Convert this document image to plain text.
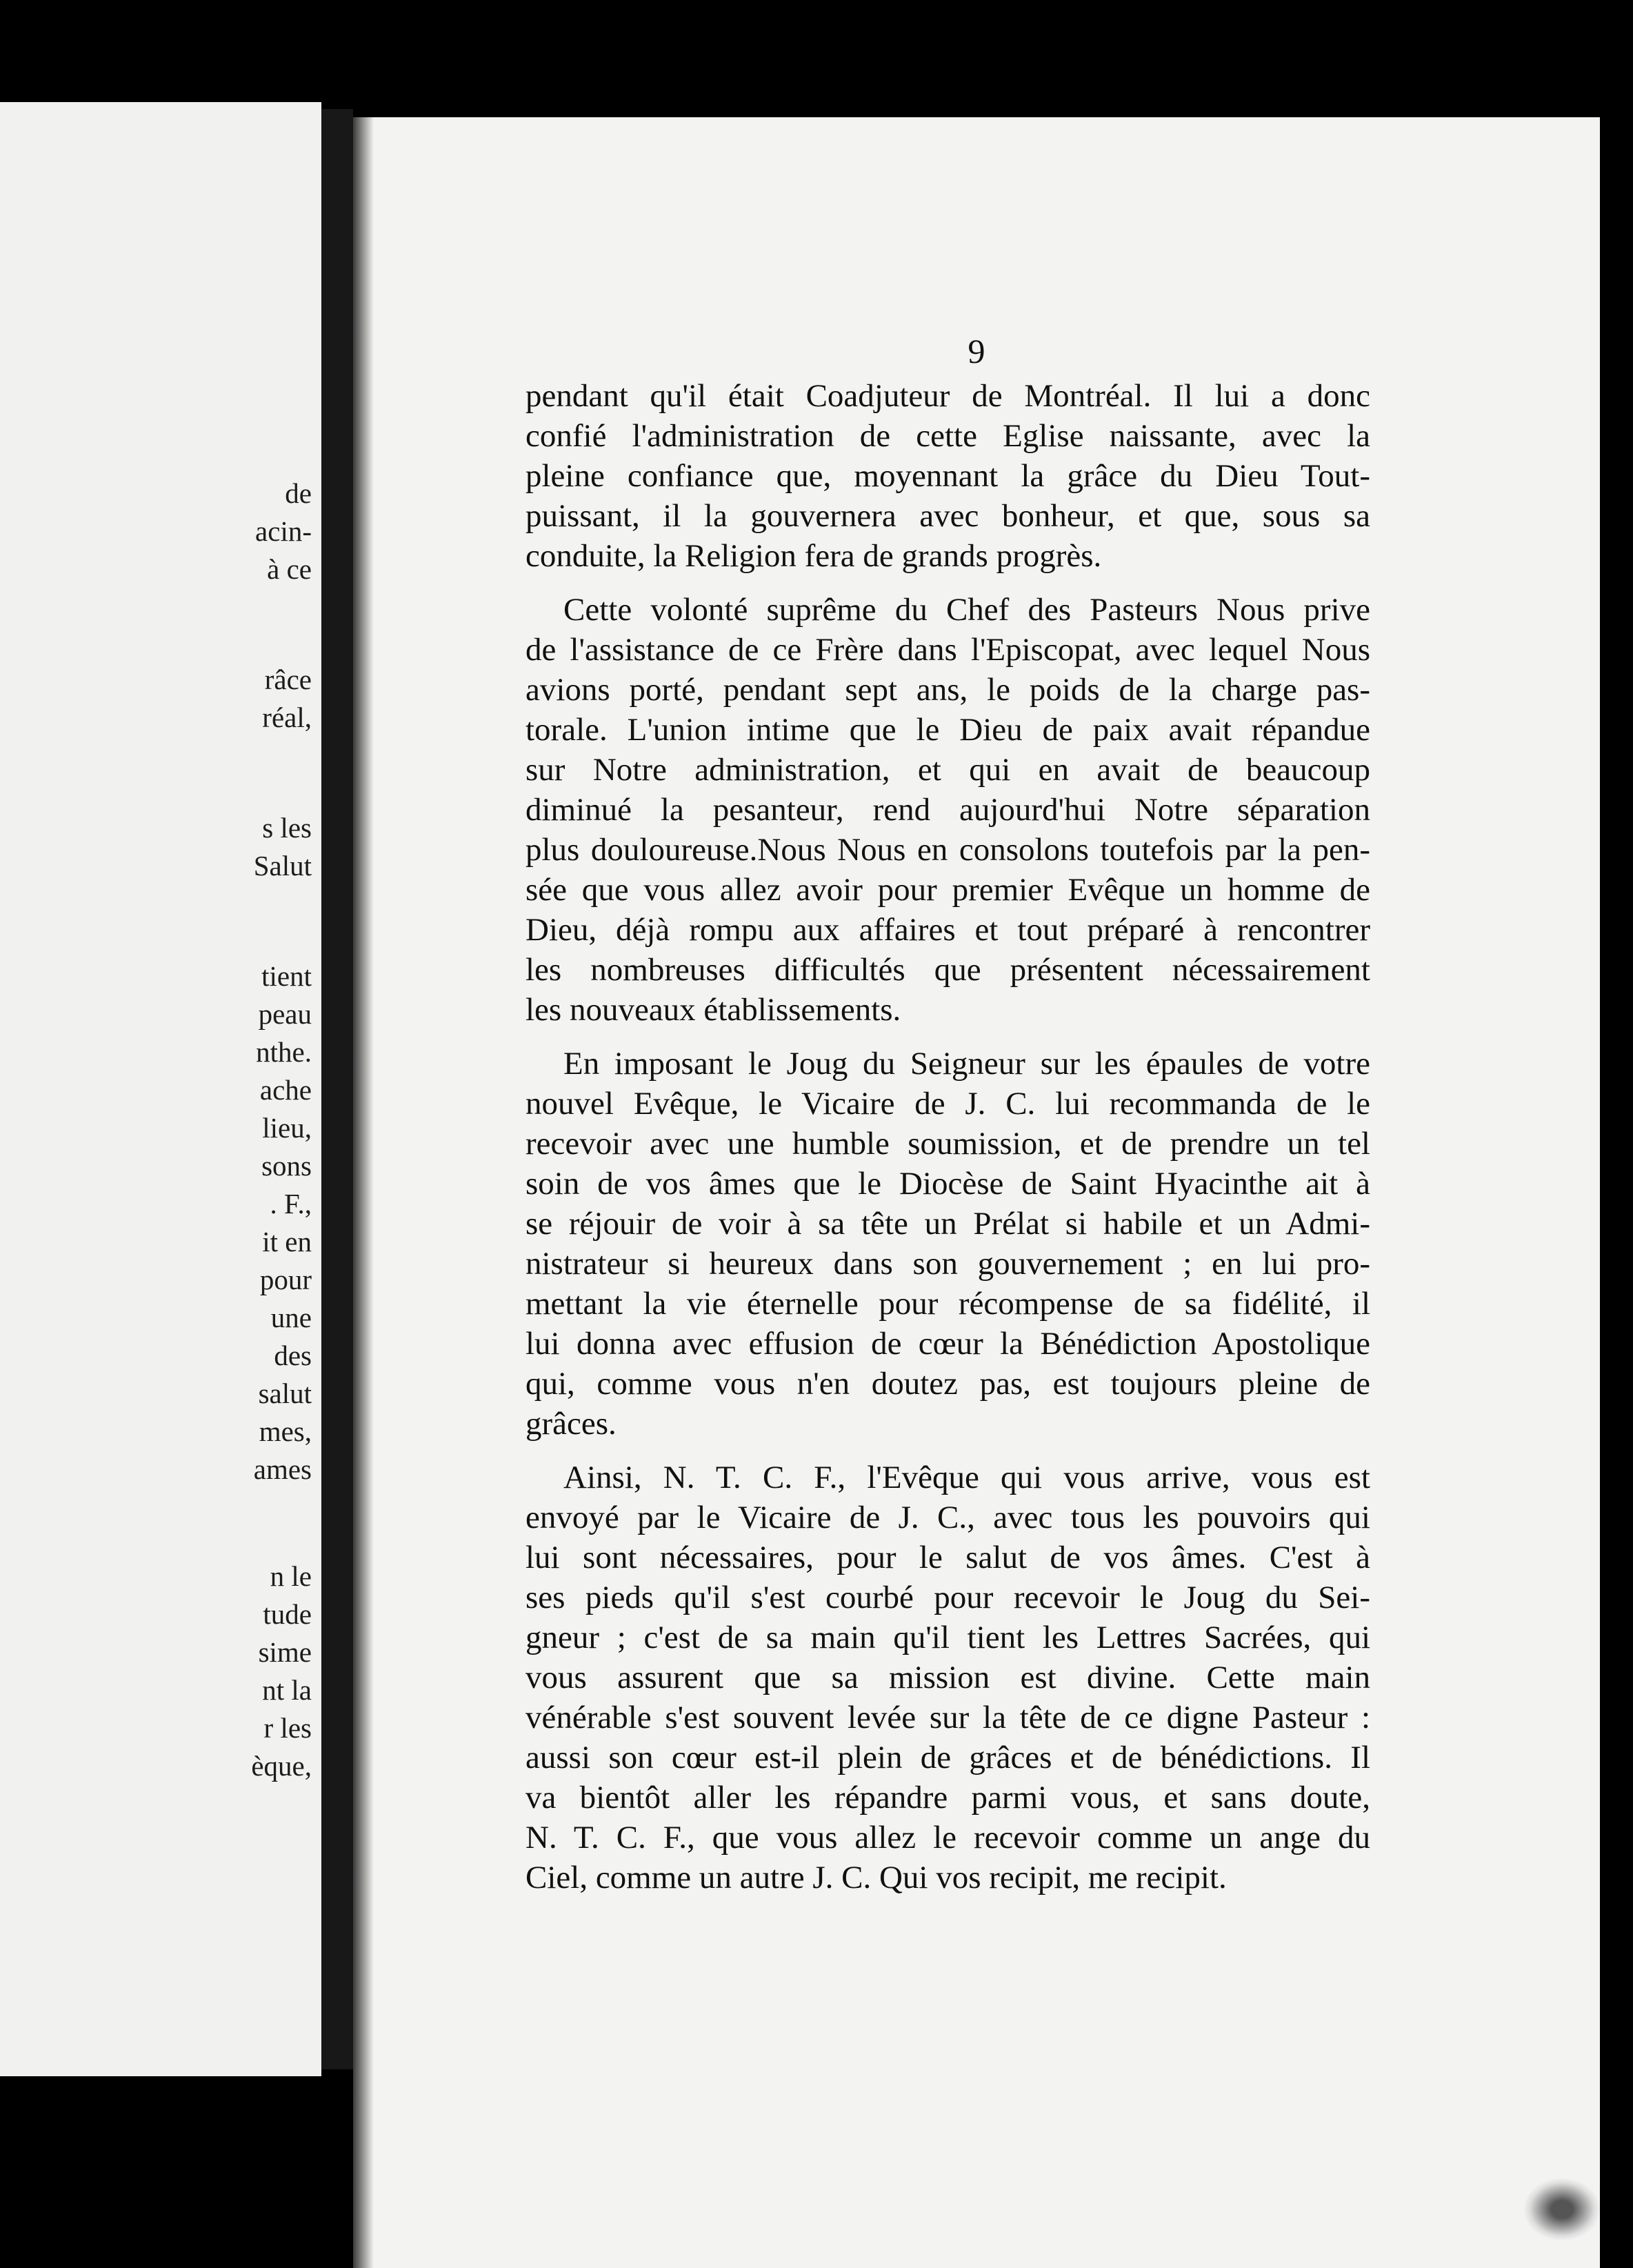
de
acin-
à ce
râce
réal,
s les
Salut
tient
peau
nthe.
ache
lieu,
sons
. F.,
it en
pour
une
des
salut
mes,
ames
n le
tude
sime
nt la
r les
èque,
9
pendant qu'il était Coadjuteur de Montréal. Il lui a donc
confié l'administration de cette Eglise naissante, avec la
pleine confiance que, moyennant la grâce du Dieu Tout-
puissant, il la gouvernera avec bonheur, et que, sous sa
conduite, la Religion fera de grands progrès.
Cette volonté suprême du Chef des Pasteurs Nous prive
de l'assistance de ce Frère dans l'Episcopat, avec lequel Nous
avions porté, pendant sept ans, le poids de la charge pas-
torale. L'union intime que le Dieu de paix avait répandue
sur Notre administration, et qui en avait de beaucoup
diminué la pesanteur, rend aujourd'hui Notre séparation
plus douloureuse.Nous Nous en consolons toutefois par la pen-
sée que vous allez avoir pour premier Evêque un homme de
Dieu, déjà rompu aux affaires et tout préparé à rencontrer
les nombreuses difficultés que présentent nécessairement
les nouveaux établissements.
En imposant le Joug du Seigneur sur les épaules de votre
nouvel Evêque, le Vicaire de J. C. lui recommanda de le
recevoir avec une humble soumission, et de prendre un tel
soin de vos âmes que le Diocèse de Saint Hyacinthe ait à
se réjouir de voir à sa tête un Prélat si habile et un Admi-
nistrateur si heureux dans son gouvernement ; en lui pro-
mettant la vie éternelle pour récompense de sa fidélité, il
lui donna avec effusion de cœur la Bénédiction Apostolique
qui, comme vous n'en doutez pas, est toujours pleine de
grâces.
Ainsi, N. T. C. F., l'Evêque qui vous arrive, vous est
envoyé par le Vicaire de J. C., avec tous les pouvoirs qui
lui sont nécessaires, pour le salut de vos âmes. C'est à
ses pieds qu'il s'est courbé pour recevoir le Joug du Sei-
gneur ; c'est de sa main qu'il tient les Lettres Sacrées, qui
vous assurent que sa mission est divine. Cette main
vénérable s'est souvent levée sur la tête de ce digne Pasteur :
aussi son cœur est-il plein de grâces et de bénédictions. Il
va bientôt aller les répandre parmi vous, et sans doute,
N. T. C. F., que vous allez le recevoir comme un ange du
Ciel, comme un autre J. C. Qui vos recipit, me recipit.
